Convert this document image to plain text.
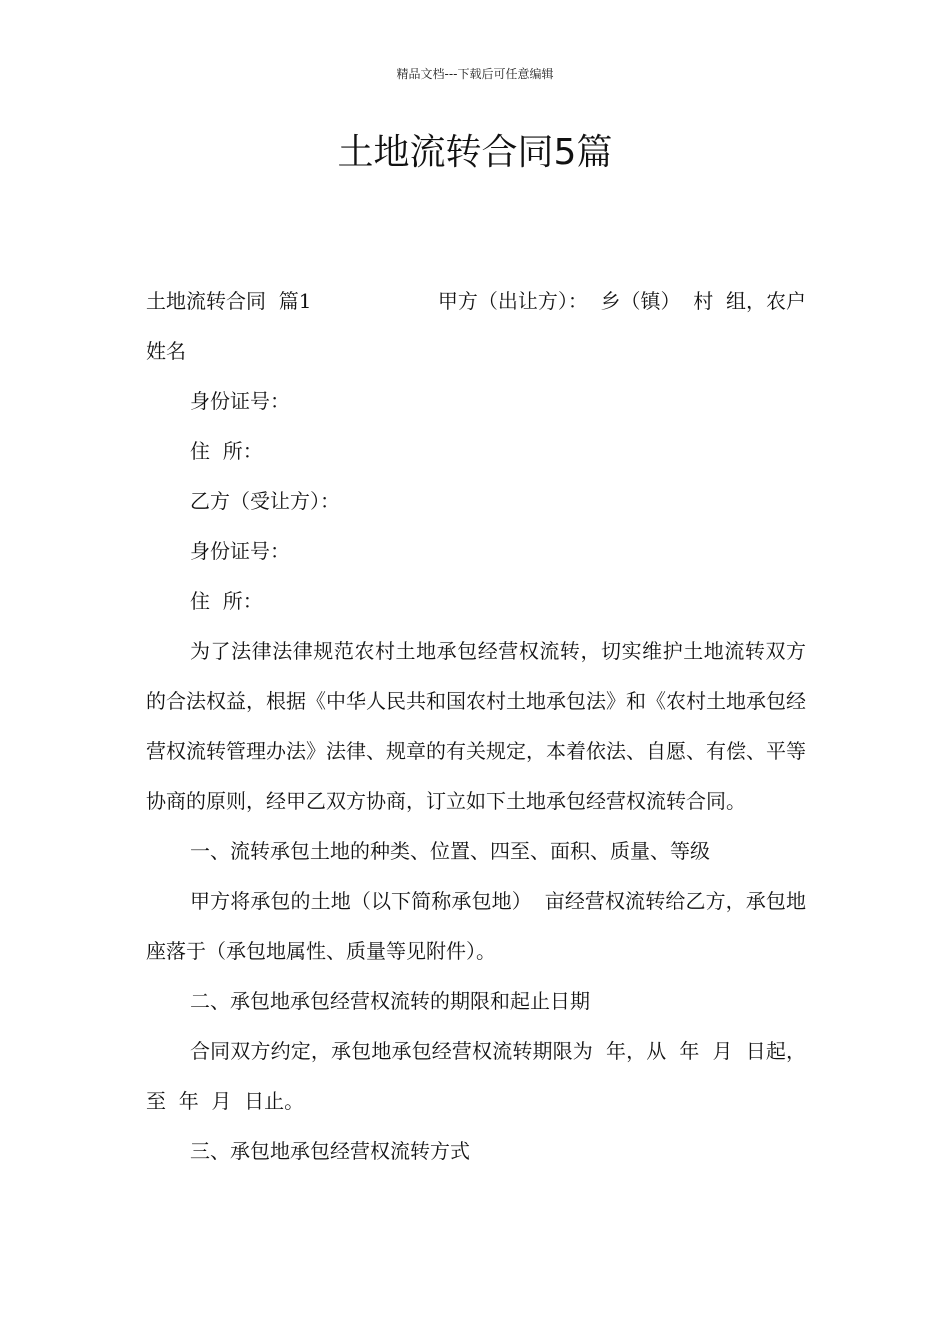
精品文档---下载后可任意编辑
土地流转合同5篇

土地流转合同  篇1	甲方（出让方）：  乡（镇）  村  组，农户

姓名

身份证号：

住  所：

乙方（受让方）：

身份证号：

住  所：

为了法律法律规范农村土地承包经营权流转，切实维护土地流转双方的合法权益，根据《中华人民共和国农村土地承包法》和《农村土地承包经营权流转管理办法》法律、规章的有关规定，本着依法、自愿、有偿、平等协商的原则，经甲乙双方协商，订立如下土地承包经营权流转合同。

一、流转承包土地的种类、位置、四至、面积、质量、等级

甲方将承包的土地（以下简称承包地）  亩经营权流转给乙方，承包地座落于（承包地属性、质量等见附件）。

二、承包地承包经营权流转的期限和起止日期

合同双方约定，承包地承包经营权流转期限为  年，从  年  月  日起，至  年  月  日止。

三、承包地承包经营权流转方式
